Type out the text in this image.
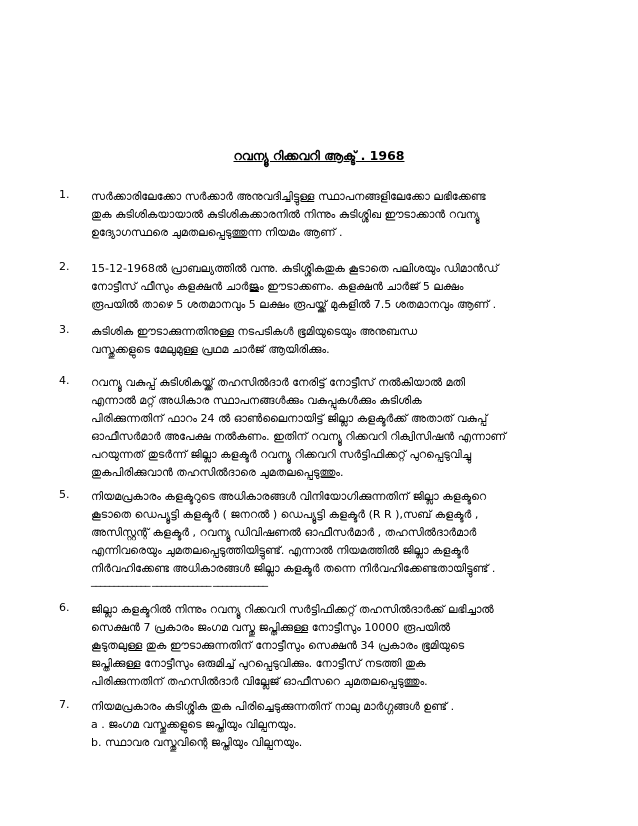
റവന്യൂ റിക്കവറി ആക്ട് . 1968
1. സർക്കാരിലേക്കോ സർക്കാർ അനുവദിച്ചിട്ടുള്ള സ്ഥാപനങ്ങളിലേക്കോ ലഭിക്കേണ്ട
തുക കുടിശികയായാൽ കുടിശികക്കാരനിൽ നിന്നും കുടിശ്ശിഖ ഈടാക്കാൻ റവന്യൂ
ഉദ്യോഗസ്ഥരെ ചുമതലപ്പെടുത്തുന്ന നിയമം ആണ് .
2. 15-12-1968ൽ പ്രാബല്യത്തിൽ വന്നു. കുടിശ്ശികതുക കൂടാതെ പലിശയും ഡിമാൻഡ്
നോട്ടീസ് ഫീസും കളക്ഷൻ ചാർജും ഈടാക്കണം. കളക്ഷൻ ചാർജ് 5 ലക്ഷം
രൂപയിൽ താഴെ 5 ശതമാനവും 5 ലക്ഷം രൂപയ്ക്ക് മുകളിൽ 7.5 ശതമാനവും ആണ് .
3. കുടിശിക ഈടാക്കുന്നതിനുള്ള നടപടികൾ ഭൂമിയുടെയും അനുബന്ധ
വസ്തുക്കളുടെ മേലുമുള്ള പ്രഥമ ചാർജ് ആയിരിക്കും.
4. റവന്യൂ വകുപ്പ് കുടിശികയ്ക്ക് തഹസിൽദാർ നേരിട്ട് നോട്ടീസ് നൽകിയാൽ മതി
എന്നാൽ മറ്റ് അധികാര സ്ഥാപനങ്ങൾക്കും വകുപ്പുകൾക്കും കുടിശിക
പിരിക്കുന്നതിന് ഫാറം 24 ൽ ഓൺലൈനായിട്ട് ജില്ലാ കളക്ടർക്ക് അതാത് വകുപ്പ്
ഓഫീസർമാർ അപേക്ഷ നൽകണം. ഇതിന് റവന്യൂ റിക്കവറി റിക്വിസിഷൻ എന്നാണ്
പറയുന്നത് തുടർന്ന് ജില്ലാ കളക്ടർ റവന്യൂ റിക്കവറി സർട്ടിഫിക്കറ്റ് പുറപ്പെടുവിച്ചു
തുകപിരിക്കുവാൻ തഹസിൽദാരെ ചുമതലപ്പെടുത്തും.
5. നിയമപ്രകാരം കളക്ടറുടെ അധികാരങ്ങൾ വിനിയോഗിക്കുന്നതിന് ജില്ലാ കളക്ടറെ
കൂടാതെ ഡെപ്യൂട്ടി കളക്ടർ ( ജനറൽ ) ഡെപ്യൂട്ടി കളക്ടർ (R R ),സബ് കളക്ടർ ,
അസിസ്റ്റന്റ് കളക്ടർ , റവന്യൂ ഡിവിഷണൽ ഓഫീസർമാർ , തഹസിൽദാർമാർ
എന്നിവരെയും ചുമതലപ്പെടുത്തിയിട്ടുണ്ട്. എന്നാൽ നിയമത്തിൽ ജില്ലാ കളക്ടർ
നിർവഹിക്കേണ്ട അധികാരങ്ങൾ ജില്ലാ കളക്ടർ തന്നെ നിർവഹിക്കേണ്ടതായിട്ടുണ്ട് .
_____________ _____________ ____________
6. ജില്ലാ കളക്ടറിൽ നിന്നും റവന്യൂ റിക്കവറി സർട്ടിഫിക്കറ്റ് തഹസിൽദാർക്ക് ലഭിച്ചാൽ
സെക്ഷൻ 7 പ്രകാരം ജംഗമ വസ്തു ജപ്തിക്കുള്ള നോട്ടീസും 10000 രൂപയിൽ
കൂടുതലുള്ള തുക ഈടാക്കുന്നതിന് നോട്ടീസും സെക്ഷൻ 34 പ്രകാരം ഭൂമിയുടെ
ജപ്തിക്കുള്ള നോട്ടീസും ഒരുമിച്ച് പുറപ്പെടുവിക്കും. നോട്ടീസ് നടത്തി തുക
പിരിക്കുന്നതിന് തഹസിൽദാർ വില്ലേജ് ഓഫീസറെ ചുമതലപ്പെടുത്തും.
7. നിയമപ്രകാരം കുടിശ്ശിക തുക പിരിച്ചെടുക്കുന്നതിന് നാലു മാർഗ്ഗങ്ങൾ ഉണ്ട് .
a . ജംഗമ വസ്തുക്കളുടെ ജപ്തിയും വില്പനയും.
b. സ്ഥാവര വസ്തുവിന്റെ ജപ്തിയും വില്പനയും.
